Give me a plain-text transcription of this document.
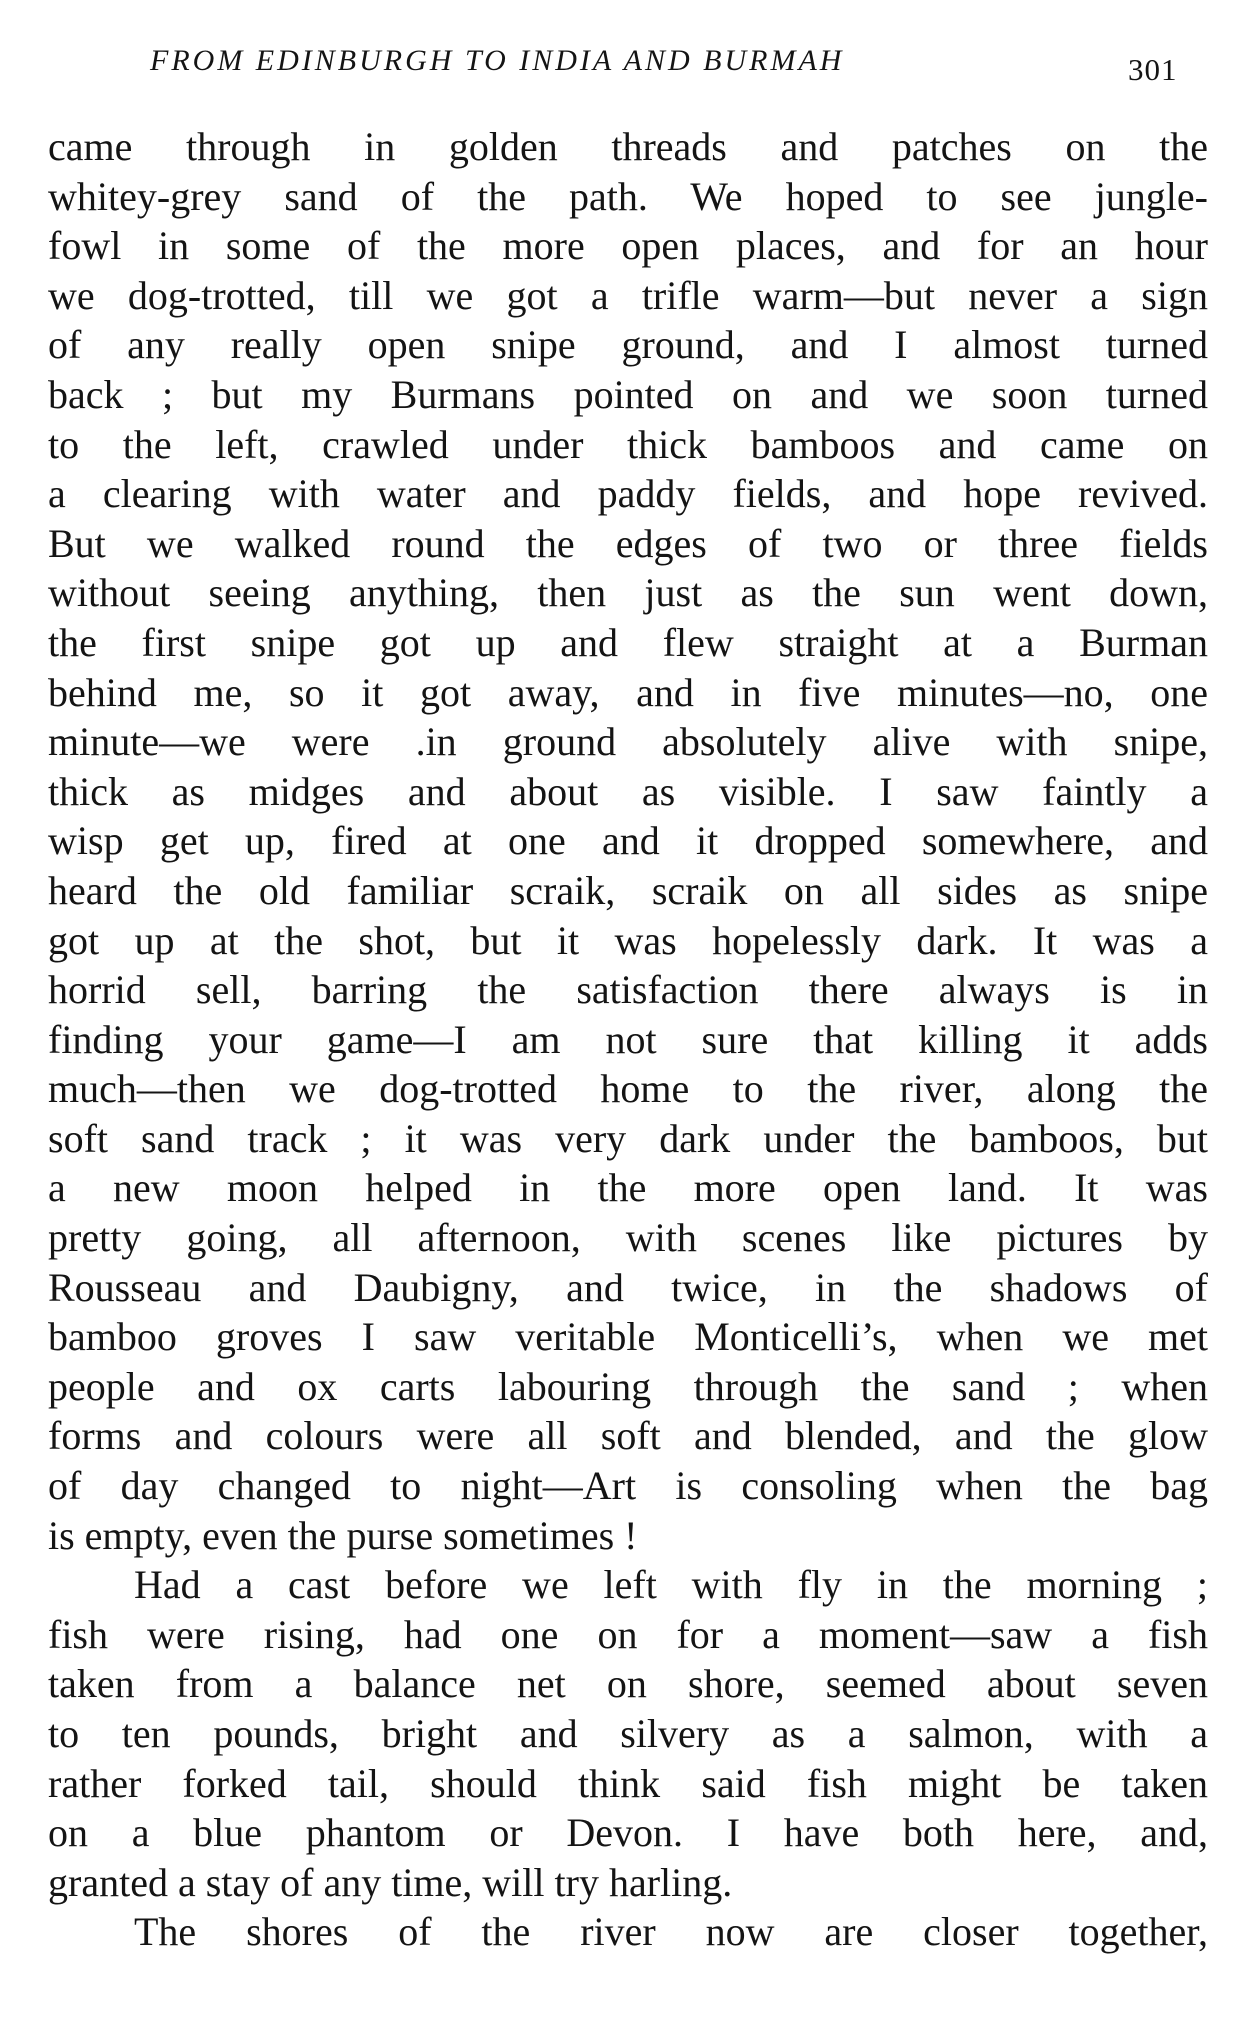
FROM EDINBURGH TO INDIA AND BURMAH	301
came through in golden threads and patches on the
whitey-grey sand of the path. We hoped to see jungle-
fowl in some of the more open places, and for an hour
we dog-trotted, till we got a trifle warm—but never a sign
of any really open snipe ground, and I almost turned
back ; but my Burmans pointed on and we soon turned
to the left, crawled under thick bamboos and came on
a clearing with water and paddy fields, and hope revived.
But we walked round the edges of two or three fields
without seeing anything, then just as the sun went down,
the first snipe got up and flew straight at a Burman
behind me, so it got away, and in five minutes—no, one
minute—we were .in ground absolutely alive with snipe,
thick as midges and about as visible. I saw faintly a
wisp get up, fired at one and it dropped somewhere, and
heard the old familiar scraik, scraik on all sides as snipe
got up at the shot, but it was hopelessly dark. It was a
horrid sell, barring the satisfaction there always is in
finding your game—I am not sure that killing it adds
much—then we dog-trotted home to the river, along the
soft sand track ; it was very dark under the bamboos, but
a new moon helped in the more open land. It was
pretty going, all afternoon, with scenes like pictures by
Rousseau and Daubigny, and twice, in the shadows of
bamboo groves I saw veritable Monticelli’s, when we met
people and ox carts labouring through the sand ; when
forms and colours were all soft and blended, and the glow
of day changed to night—Art is consoling when the bag
is empty, even the purse sometimes !
Had a cast before we left with fly in the morning ;
fish were rising, had one on for a moment—saw a fish
taken from a balance net on shore, seemed about seven
to ten pounds, bright and silvery as a salmon, with a
rather forked tail, should think said fish might be taken
on a blue phantom or Devon. I have both here, and,
granted a stay of any time, will try harling.
The shores of the river now are closer together,
